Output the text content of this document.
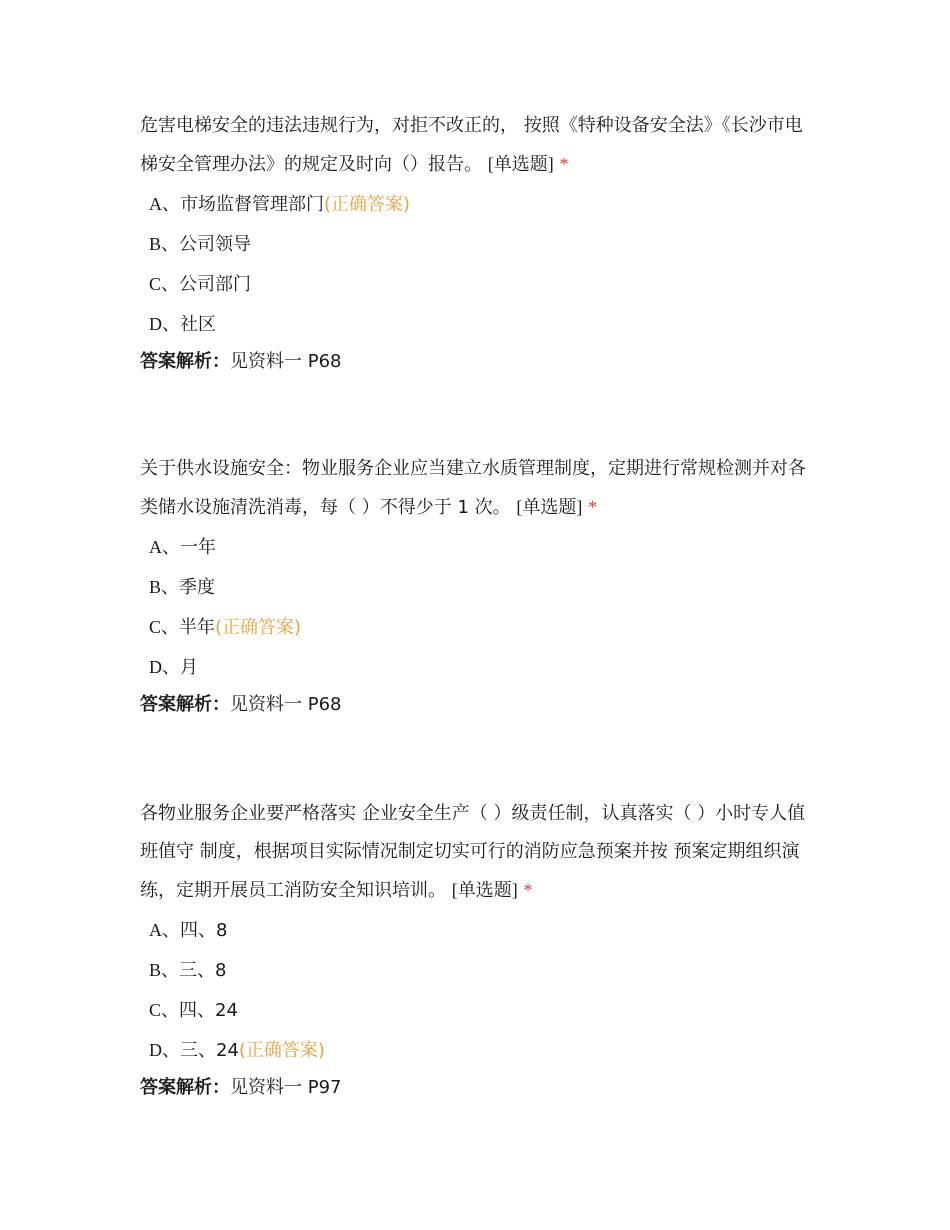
危害电梯安全的违法违规行为，对拒不改正的， 按照《特种设备安全法》《长沙市电梯安全管理办法》的规定及时向（）报告。 [单选题] *

A、市场监督管理部门(正确答案)
B、公司领导
C、公司部门
D、社区
答案解析：见资料一 P68

关于供水设施安全：物业服务企业应当建立水质管理制度，定期进行常规检测并对各类储水设施清洗消毒，每（ ）不得少于 1 次。 [单选题] *

A、一年
B、季度
C、半年(正确答案)
D、月
答案解析：见资料一 P68

各物业服务企业要严格落实 企业安全生产（ ）级责任制，认真落实（ ）小时专人值班值守 制度，根据项目实际情况制定切实可行的消防应急预案并按 预案定期组织演练，定期开展员工消防安全知识培训。 [单选题] *

A、四、8
B、三、8
C、四、24
D、三、24(正确答案)
答案解析：见资料一 P97
